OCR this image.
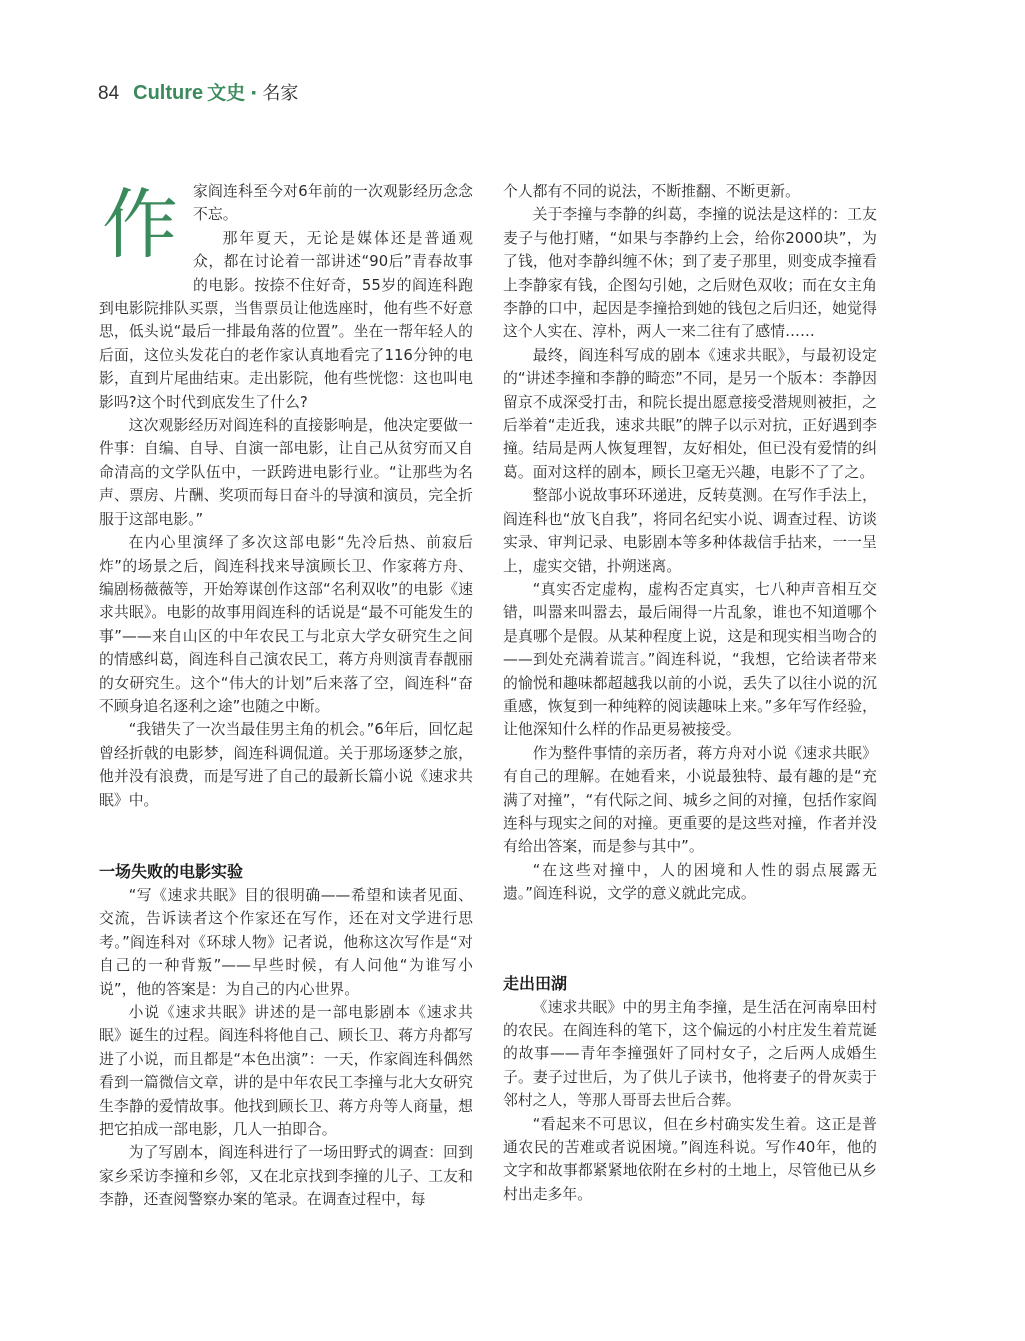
84 Culture 文史 · 名家

作 家阎连科至今对6年前的一次观影经历念念不忘。

那年夏天，无论是媒体还是普通观众，都在讨论着一部讲述“90后”青春故事的电影。按捺不住好奇，55岁的阎连科跑到电影院排队买票，当售票员让他选座时，他有些不好意思，低头说“最后一排最角落的位置”。坐在一帮年轻人的后面，这位头发花白的老作家认真地看完了116分钟的电影，直到片尾曲结束。走出影院，他有些恍惚：这也叫电影吗?这个时代到底发生了什么?

这次观影经历对阎连科的直接影响是，他决定要做一件事：自编、自导、自演一部电影，让自己从贫穷而又自命清高的文学队伍中，一跃跨进电影行业。“让那些为名声、票房、片酬、奖项而每日奋斗的导演和演员，完全折服于这部电影。”

在内心里演绎了多次这部电影“先冷后热、前寂后炸”的场景之后，阎连科找来导演顾长卫、作家蒋方舟、编剧杨薇薇等，开始筹谋创作这部“名利双收”的电影《速求共眠》。电影的故事用阎连科的话说是“最不可能发生的事”——来自山区的中年农民工与北京大学女研究生之间的情感纠葛，阎连科自己演农民工，蒋方舟则演青春靓丽的女研究生。这个“伟大的计划”后来落了空，阎连科“奋不顾身追名逐利之途”也随之中断。

“我错失了一次当最佳男主角的机会。”6年后，回忆起曾经折戟的电影梦，阎连科调侃道。关于那场逐梦之旅，他并没有浪费，而是写进了自己的最新长篇小说《速求共眠》中。

一场失败的电影实验

“写《速求共眠》目的很明确——希望和读者见面、交流，告诉读者这个作家还在写作，还在对文学进行思考。”阎连科对《环球人物》记者说，他称这次写作是“对自己的一种背叛”——早些时候，有人问他“为谁写小说”，他的答案是：为自己的内心世界。

小说《速求共眠》讲述的是一部电影剧本《速求共眠》诞生的过程。阎连科将他自己、顾长卫、蒋方舟都写进了小说，而且都是“本色出演”：一天，作家阎连科偶然看到一篇微信文章，讲的是中年农民工李撞与北大女研究生李静的爱情故事。他找到顾长卫、蒋方舟等人商量，想把它拍成一部电影，几人一拍即合。

为了写剧本，阎连科进行了一场田野式的调查：回到家乡采访李撞和乡邻，又在北京找到李撞的儿子、工友和李静，还查阅警察办案的笔录。在调查过程中，每

个人都有不同的说法，不断推翻、不断更新。

关于李撞与李静的纠葛，李撞的说法是这样的：工友麦子与他打赌，“如果与李静约上会，给你2000块”，为了钱，他对李静纠缠不休；到了麦子那里，则变成李撞看上李静家有钱，企图勾引她，之后财色双收；而在女主角李静的口中，起因是李撞拾到她的钱包之后归还，她觉得这个人实在、淳朴，两人一来二往有了感情……

最终，阎连科写成的剧本《速求共眠》，与最初设定的“讲述李撞和李静的畸恋”不同，是另一个版本：李静因留京不成深受打击，和院长提出愿意接受潜规则被拒，之后举着“走近我，速求共眠”的牌子以示对抗，正好遇到李撞。结局是两人恢复理智，友好相处，但已没有爱情的纠葛。面对这样的剧本，顾长卫毫无兴趣，电影不了了之。

整部小说故事环环递进，反转莫测。在写作手法上，阎连科也“放飞自我”，将同名纪实小说、调查过程、访谈实录、审判记录、电影剧本等多种体裁信手拈来，一一呈上，虚实交错，扑朔迷离。

“真实否定虚构，虚构否定真实，七八种声音相互交错，叫嚣来叫嚣去，最后闹得一片乱象，谁也不知道哪个是真哪个是假。从某种程度上说，这是和现实相当吻合的——到处充满着谎言。”阎连科说，“我想，它给读者带来的愉悦和趣味都超越我以前的小说，丢失了以往小说的沉重感，恢复到一种纯粹的阅读趣味上来。”多年写作经验，让他深知什么样的作品更易被接受。

作为整件事情的亲历者，蒋方舟对小说《速求共眠》有自己的理解。在她看来，小说最独特、最有趣的是“充满了对撞”，“有代际之间、城乡之间的对撞，包括作家阎连科与现实之间的对撞。更重要的是这些对撞，作者并没有给出答案，而是参与其中”。

“在这些对撞中，人的困境和人性的弱点展露无遗。”阎连科说，文学的意义就此完成。

走出田湖

《速求共眠》中的男主角李撞，是生活在河南皋田村的农民。在阎连科的笔下，这个偏远的小村庄发生着荒诞的故事——青年李撞强奸了同村女子，之后两人成婚生子。妻子过世后，为了供儿子读书，他将妻子的骨灰卖于邻村之人，等那人哥哥去世后合葬。

“看起来不可思议，但在乡村确实发生着。这正是普通农民的苦难或者说困境。”阎连科说。写作40年，他的文字和故事都紧紧地依附在乡村的土地上，尽管他已从乡村出走多年。
